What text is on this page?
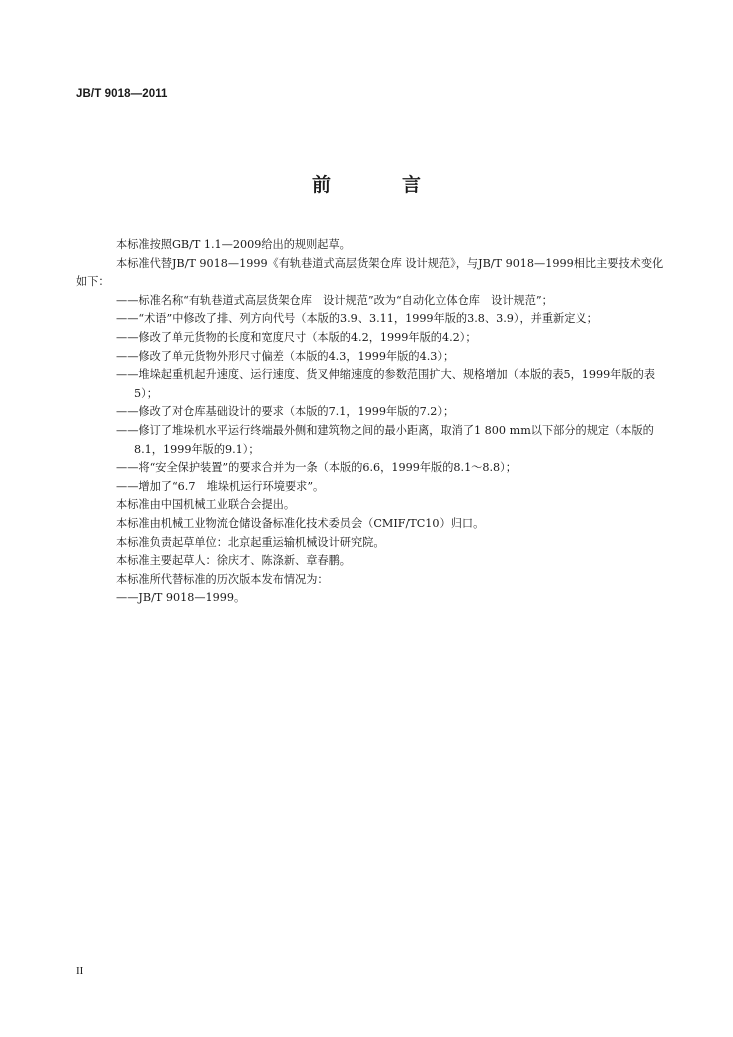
JB/T 9018—2011
前　言

本标准按照GB/T 1.1—2009给出的规则起草。

本标准代替JB/T 9018—1999《有轨巷道式高层货架仓库 设计规范》，与JB/T 9018—1999相比主要技术变化如下：

——标准名称“有轨巷道式高层货架仓库　设计规范”改为“自动化立体仓库　设计规范”；

——“术语”中修改了排、列方向代号（本版的3.9、3.11，1999年版的3.8、3.9），并重新定义；

——修改了单元货物的长度和宽度尺寸（本版的4.2，1999年版的4.2）；

——修改了单元货物外形尺寸偏差（本版的4.3，1999年版的4.3）；

——堆垛起重机起升速度、运行速度、货叉伸缩速度的参数范围扩大、规格增加（本版的表5，1999年版的表5）；

——修改了对仓库基础设计的要求（本版的7.1，1999年版的7.2）；

——修订了堆垛机水平运行终端最外侧和建筑物之间的最小距离，取消了1 800 mm以下部分的规定（本版的8.1，1999年版的9.1）；

——将“安全保护装置”的要求合并为一条（本版的6.6，1999年版的8.1～8.8）；

——增加了“6.7　堆垛机运行环境要求”。

本标准由中国机械工业联合会提出。

本标准由机械工业物流仓储设备标准化技术委员会（CMIF/TC10）归口。

本标准负责起草单位：北京起重运输机械设计研究院。

本标准主要起草人：徐庆才、陈涤新、章春鹏。

本标准所代替标准的历次版本发布情况为：

——JB/T 9018—1999。

II
